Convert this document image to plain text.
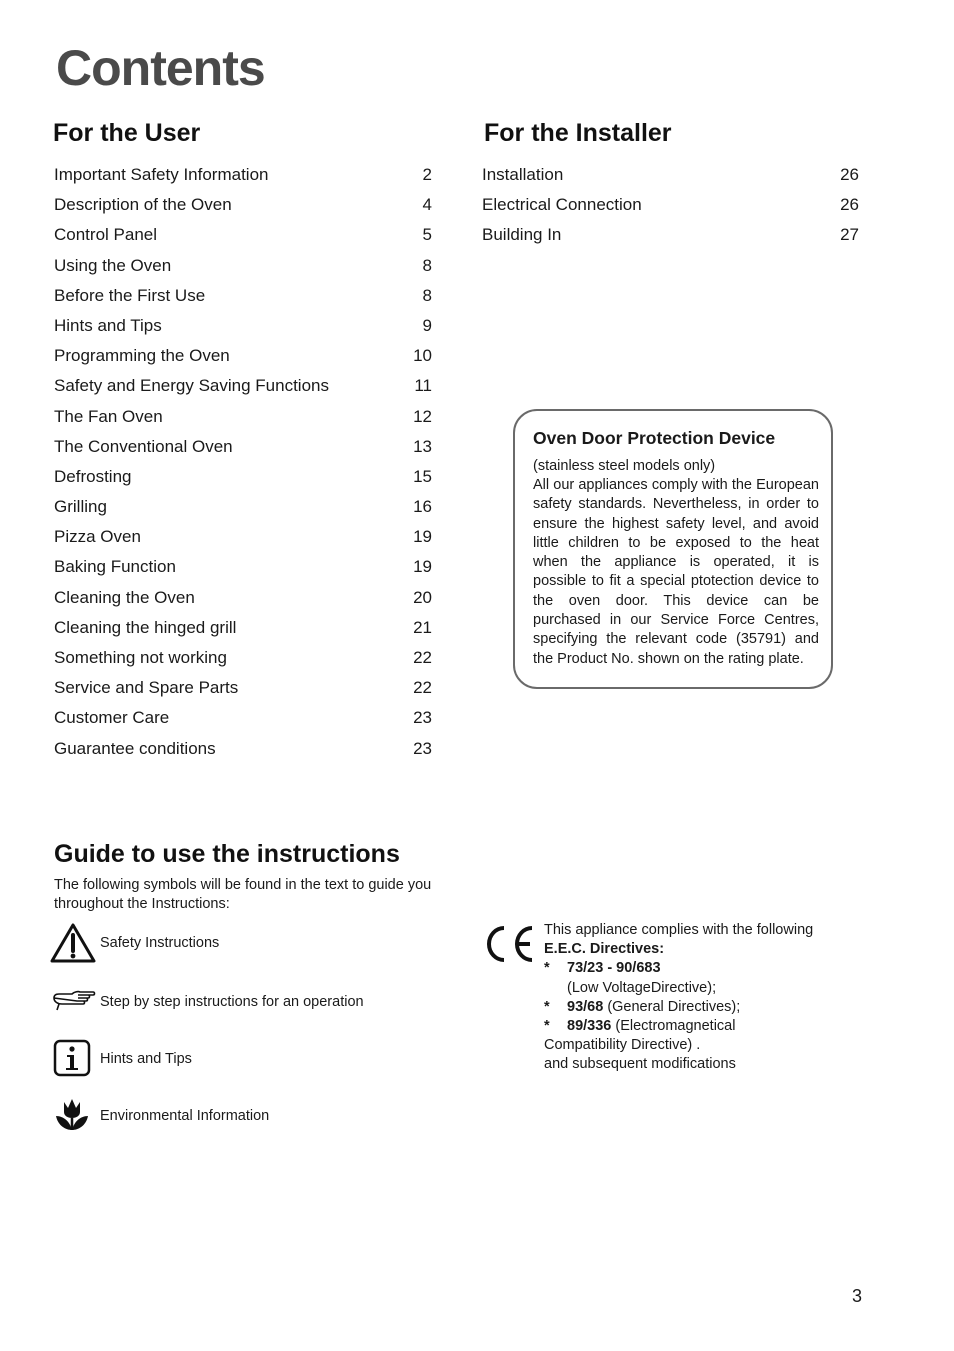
Contents
For the User
Important Safety Information	2
Description of the Oven	4
Control Panel	5
Using the Oven	8
Before the First Use	8
Hints and Tips	9
Programming the Oven	10
Safety and Energy Saving Functions	11
The Fan Oven	12
The Conventional Oven	13
Defrosting	15
Grilling	16
Pizza Oven	19
Baking Function	19
Cleaning the Oven	20
Cleaning the hinged grill	21
Something not working	22
Service and Spare Parts	22
Customer Care	23
Guarantee conditions	23
For the Installer
Installation	26
Electrical Connection	26
Building In	27
Oven Door Protection Device
(stainless steel models only)
All our appliances comply with the European safety standards. Nevertheless, in order to ensure the highest safety level, and avoid little children to be exposed to the heat when the appliance is operated, it is possible to fit a special ptotection device to the oven door. This device can be purchased in our Service Force Centres, specifying the relevant code (35791) and the Product No. shown on the rating plate.
Guide to use the instructions
The following symbols will be found in the text to guide you throughout the Instructions:
Safety Instructions
Step by step instructions for an operation
Hints and Tips
Environmental Information
This appliance complies with the following
E.E.C. Directives:
* 73/23 - 90/683
(Low VoltageDirective);
* 93/68 (General Directives);
* 89/336 (Electromagnetical
Compatibility Directive) .
and subsequent modifications
3
